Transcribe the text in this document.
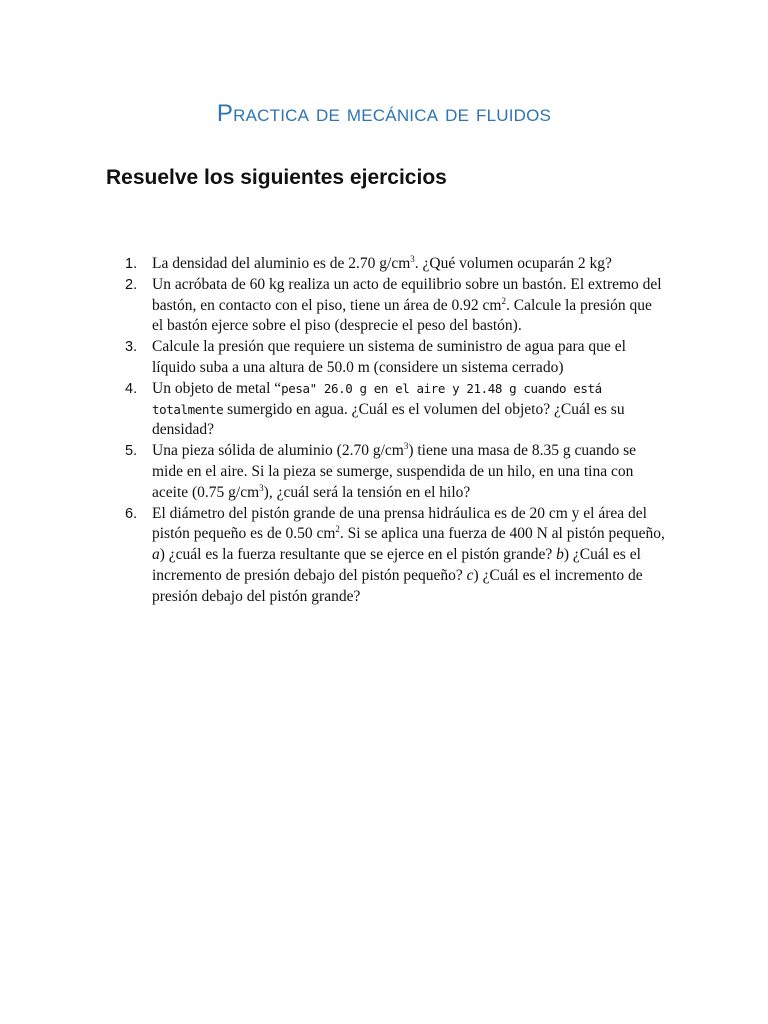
Practica de mecánica de fluidos
Resuelve los siguientes ejercicios
1. La densidad del aluminio es de 2.70 $g/cm^3$. ¿Qué volumen ocuparán 2 kg?
2. Un acróbata de 60 kg realiza un acto de equilibrio sobre un bastón. El extremo del bastón, en contacto con el piso, tiene un área de 0.92 $cm^2$. Calcule la presión que el bastón ejerce sobre el piso (desprecie el peso del bastón).
3. Calcule la presión que requiere un sistema de suministro de agua para que el líquido suba a una altura de 50.0 m (considere un sistema cerrado)
4. Un objeto de metal “pesa" 26.0 g en el aire y 21.48 g cuando está totalmente sumergido en agua. ¿Cuál es el volumen del objeto? ¿Cuál es su densidad?
5. Una pieza sólida de aluminio (2.70 $g/cm^3$) tiene una masa de 8.35 g cuando se mide en el aire. Si la pieza se sumerge, suspendida de un hilo, en una tina con aceite (0.75 $g/cm^3$), ¿cuál será la tensión en el hilo?
6. El diámetro del pistón grande de una prensa hidráulica es de 20 cm y el área del pistón pequeño es de 0.50 $cm^2$. Si se aplica una fuerza de 400 N al pistón pequeño, a) ¿cuál es la fuerza resultante que se ejerce en el pistón grande? b) ¿Cuál es el incremento de presión debajo del pistón pequeño? c) ¿Cuál es el incremento de presión debajo del pistón grande?
